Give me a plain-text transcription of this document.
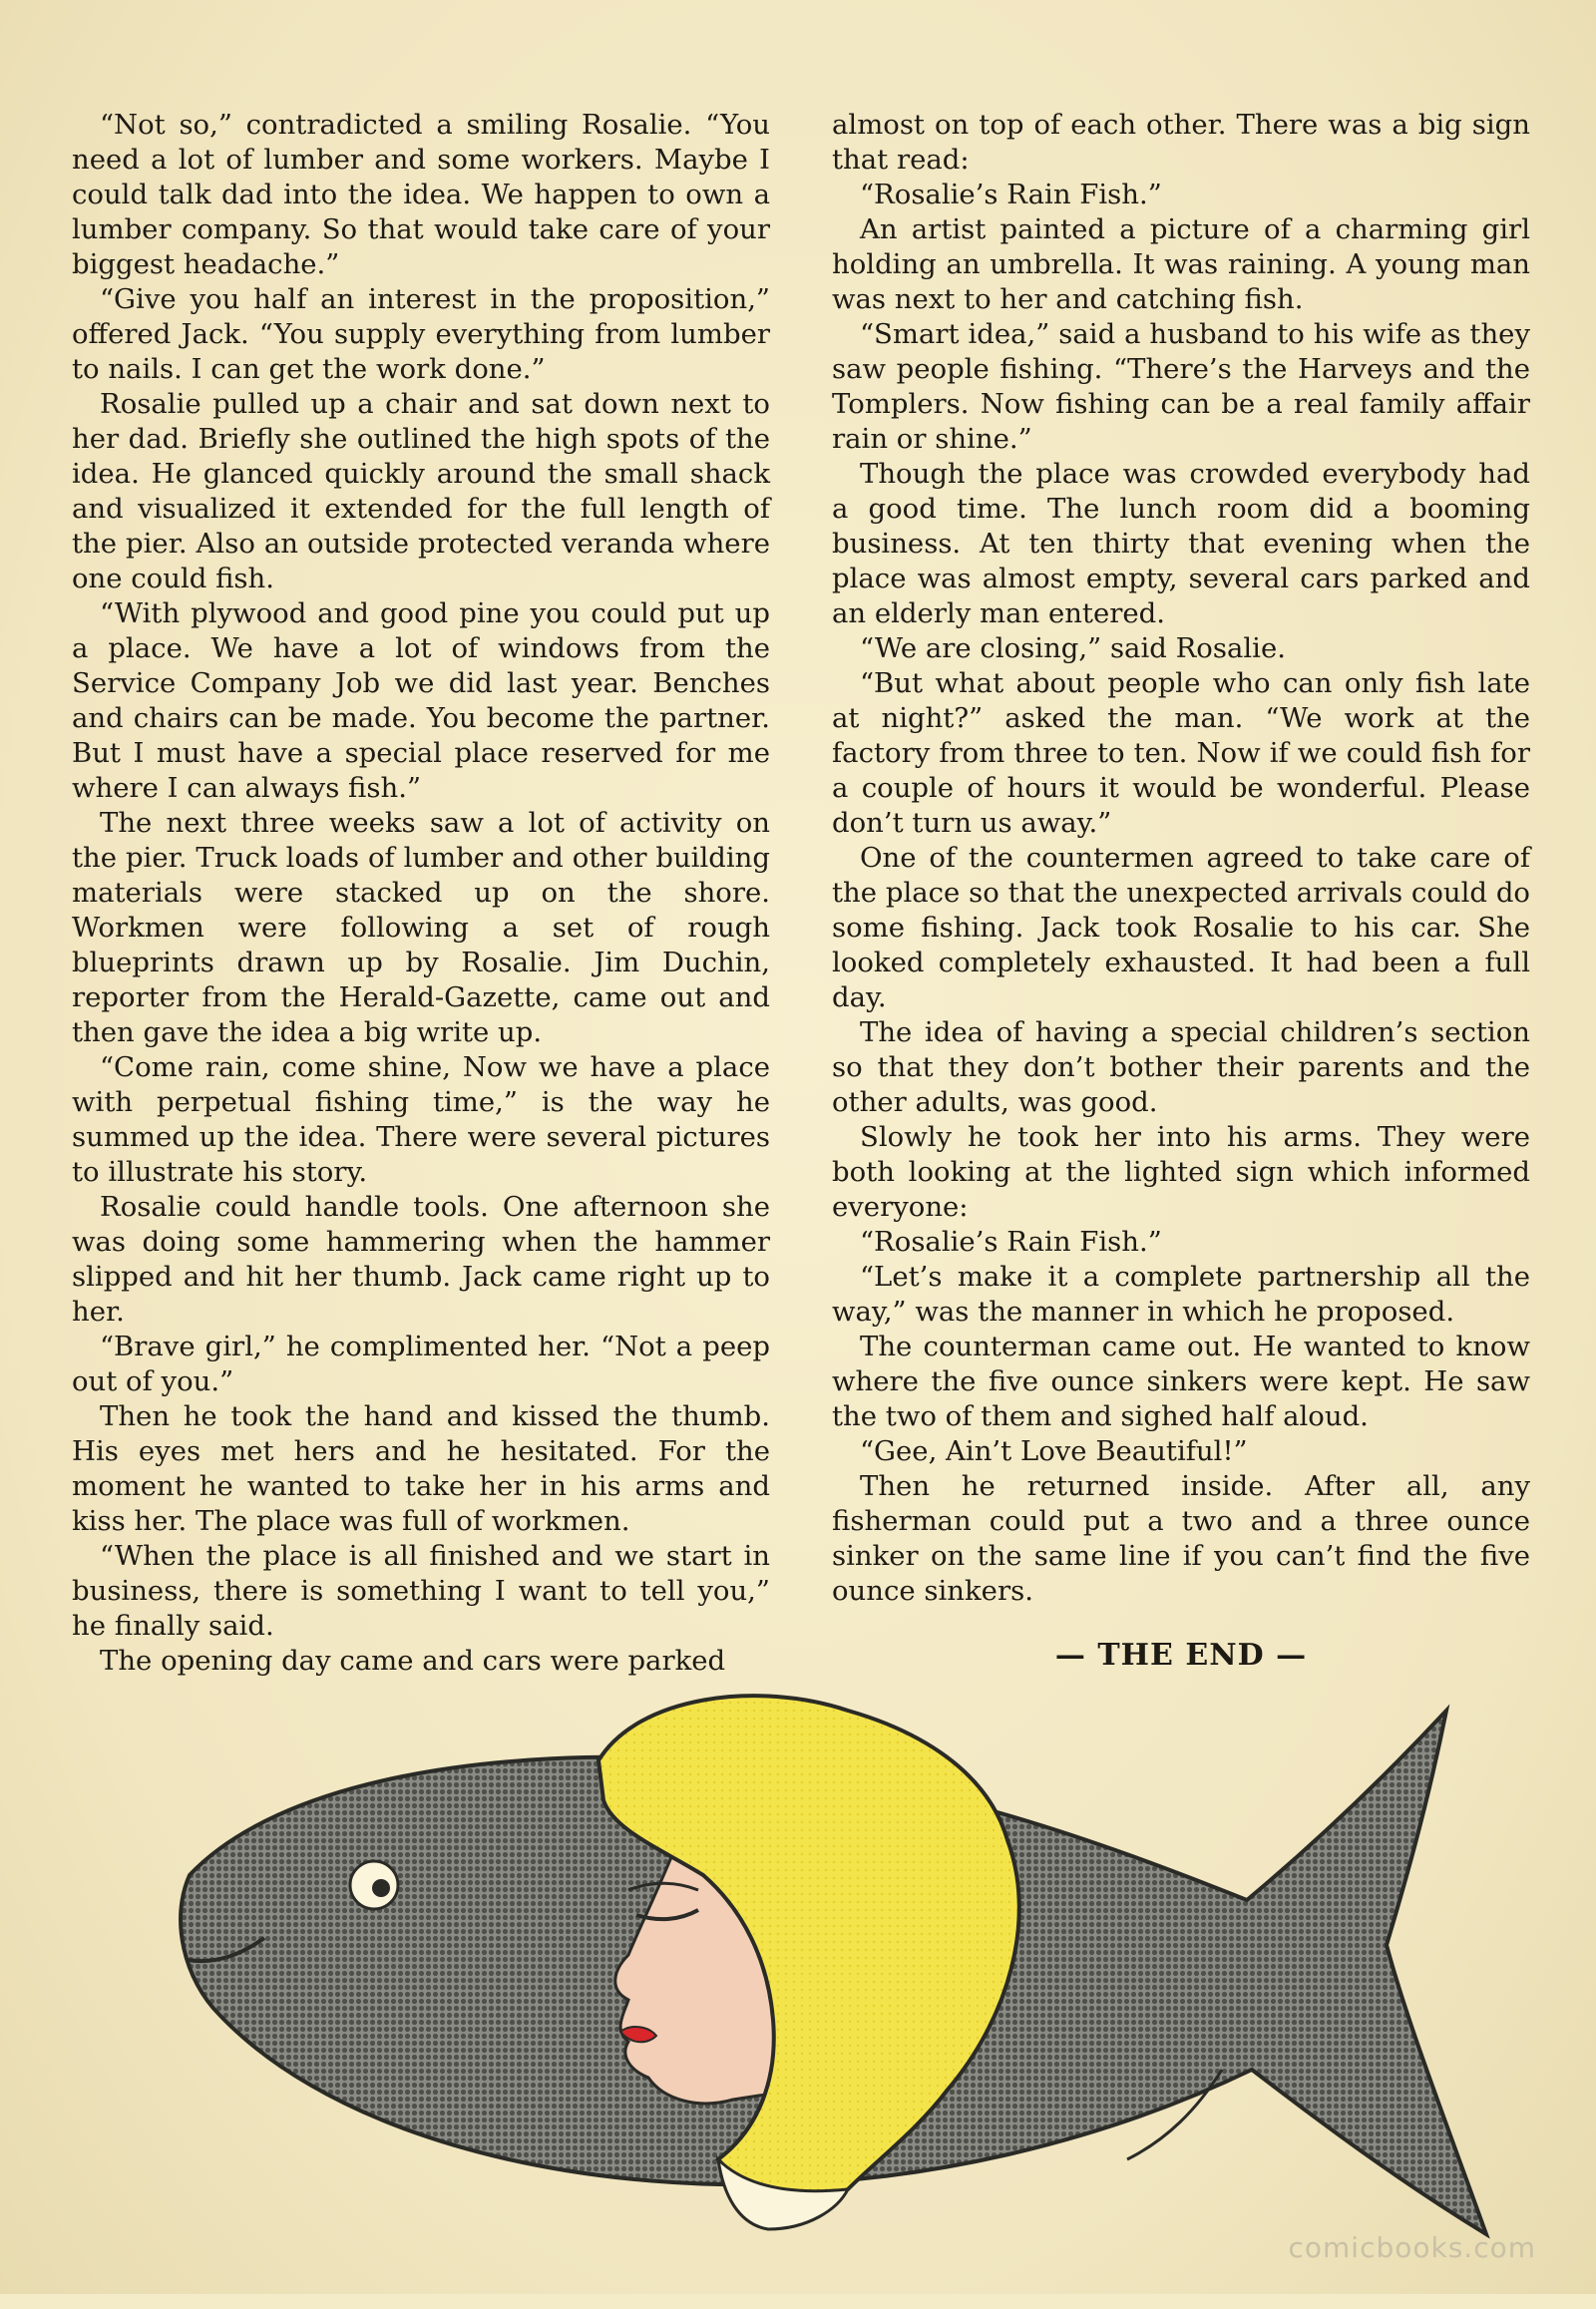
“Not so,” contradicted a smiling Rosalie. “You need a lot of lumber and some workers. Maybe I could talk dad into the idea. We happen to own a lumber company. So that would take care of your biggest headache.”

“Give you half an interest in the proposition,” offered Jack. “You supply everything from lumber to nails. I can get the work done.”

Rosalie pulled up a chair and sat down next to her dad. Briefly she outlined the high spots of the idea. He glanced quickly around the small shack and visualized it extended for the full length of the pier. Also an outside protected veranda where one could fish.

“With plywood and good pine you could put up a place. We have a lot of windows from the Service Company Job we did last year. Benches and chairs can be made. You become the partner. But I must have a special place reserved for me where I can always fish.”

The next three weeks saw a lot of activity on the pier. Truck loads of lumber and other building materials were stacked up on the shore. Workmen were following a set of rough blueprints drawn up by Rosalie. Jim Duchin, reporter from the Herald-Gazette, came out and then gave the idea a big write up.

“Come rain, come shine, Now we have a place with perpetual fishing time,” is the way he summed up the idea. There were several pictures to illustrate his story.

Rosalie could handle tools. One afternoon she was doing some hammering when the hammer slipped and hit her thumb. Jack came right up to her.

“Brave girl,” he complimented her. “Not a peep out of you.”

Then he took the hand and kissed the thumb. His eyes met hers and he hesitated. For the moment he wanted to take her in his arms and kiss her. The place was full of workmen.

“When the place is all finished and we start in business, there is something I want to tell you,” he finally said.

The opening day came and cars were parked

almost on top of each other. There was a big sign that read:

“Rosalie’s Rain Fish.”

An artist painted a picture of a charming girl holding an umbrella. It was raining. A young man was next to her and catching fish.

“Smart idea,” said a husband to his wife as they saw people fishing. “There’s the Harveys and the Tomplers. Now fishing can be a real family affair rain or shine.”

Though the place was crowded everybody had a good time. The lunch room did a booming business. At ten thirty that evening when the place was almost empty, several cars parked and an elderly man entered.

“We are closing,” said Rosalie.

“But what about people who can only fish late at night?” asked the man. “We work at the factory from three to ten. Now if we could fish for a couple of hours it would be wonderful. Please don’t turn us away.”

One of the countermen agreed to take care of the place so that the unexpected arrivals could do some fishing. Jack took Rosalie to his car. She looked completely exhausted. It had been a full day.

The idea of having a special children’s section so that they don’t bother their parents and the other adults, was good.

Slowly he took her into his arms. They were both looking at the lighted sign which informed everyone:

“Rosalie’s Rain Fish.”

“Let’s make it a complete partnership all the way,” was the manner in which he proposed.

The counterman came out. He wanted to know where the five ounce sinkers were kept. He saw the two of them and sighed half aloud.

“Gee, Ain’t Love Beautiful!”

Then he returned inside. After all, any fisherman could put a two and a three ounce sinker on the same line if you can’t find the five ounce sinkers.

— THE END —
comicbooks.com
